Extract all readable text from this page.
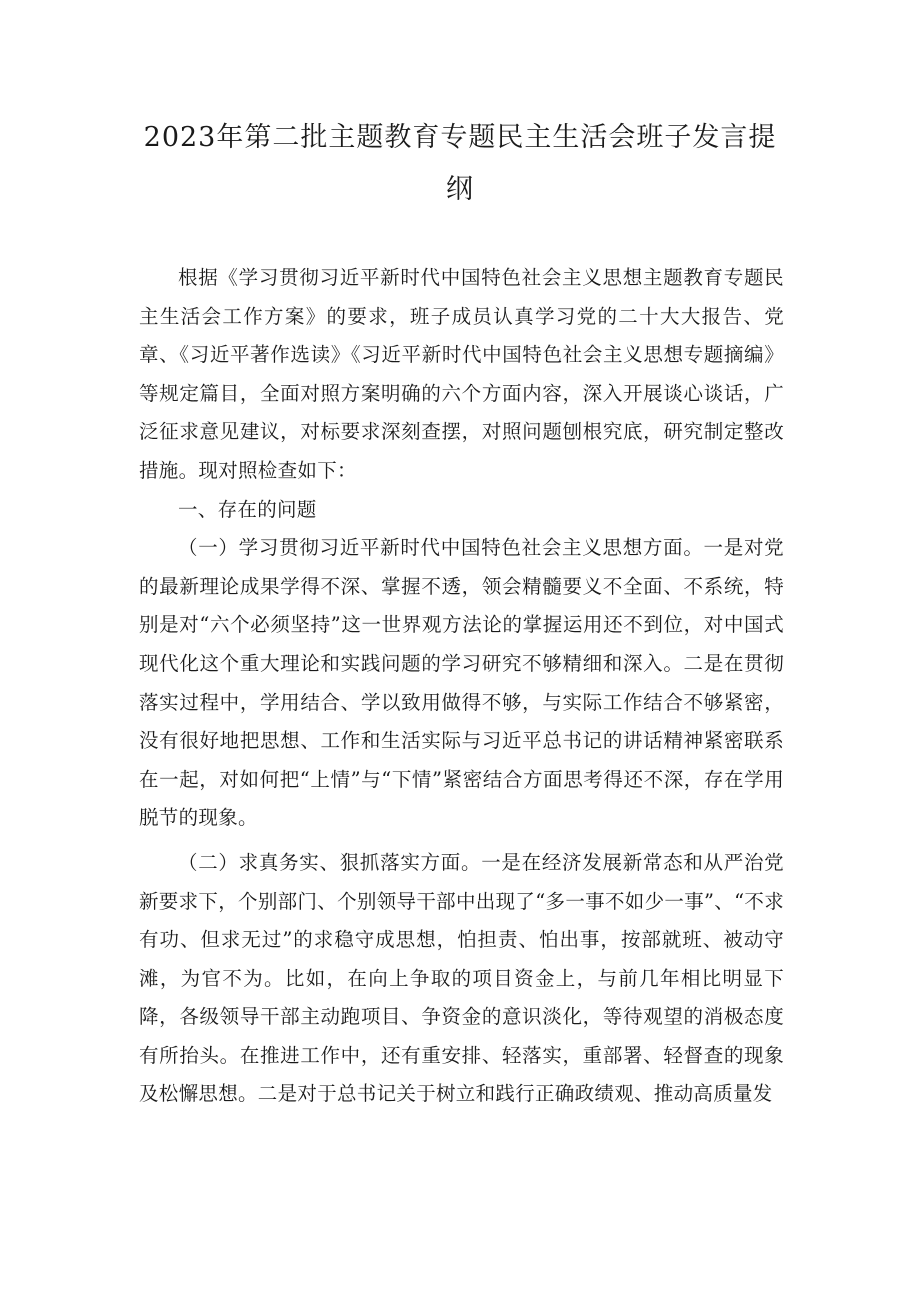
2023年第二批主题教育专题民主生活会班子发言提纲

根据《学习贯彻习近平新时代中国特色社会主义思想主题教育专题民主生活会工作方案》的要求，班子成员认真学习党的二十大大报告、党章、《习近平著作选读》《习近平新时代中国特色社会主义思想专题摘编》等规定篇目，全面对照方案明确的六个方面内容，深入开展谈心谈话，广泛征求意见建议，对标要求深刻查摆，对照问题刨根究底，研究制定整改措施。现对照检查如下：

一、存在的问题

（一）学习贯彻习近平新时代中国特色社会主义思想方面。一是对党的最新理论成果学得不深、掌握不透，领会精髓要义不全面、不系统，特别是对“六个必须坚持”这一世界观方法论的掌握运用还不到位，对中国式现代化这个重大理论和实践问题的学习研究不够精细和深入。二是在贯彻落实过程中，学用结合、学以致用做得不够，与实际工作结合不够紧密，没有很好地把思想、工作和生活实际与习近平总书记的讲话精神紧密联系在一起，对如何把“上情”与“下情”紧密结合方面思考得还不深，存在学用脱节的现象。

（二）求真务实、狠抓落实方面。一是在经济发展新常态和从严治党新要求下，个别部门、个别领导干部中出现了“多一事不如少一事”、“不求有功、但求无过”的求稳守成思想，怕担责、怕出事，按部就班、被动守滩，为官不为。比如，在向上争取的项目资金上，与前几年相比明显下降，各级领导干部主动跑项目、争资金的意识淡化，等待观望的消极态度有所抬头。在推进工作中，还有重安排、轻落实，重部署、轻督查的现象及松懈思想。二是对于总书记关于树立和践行正确政绩观、推动高质量发
